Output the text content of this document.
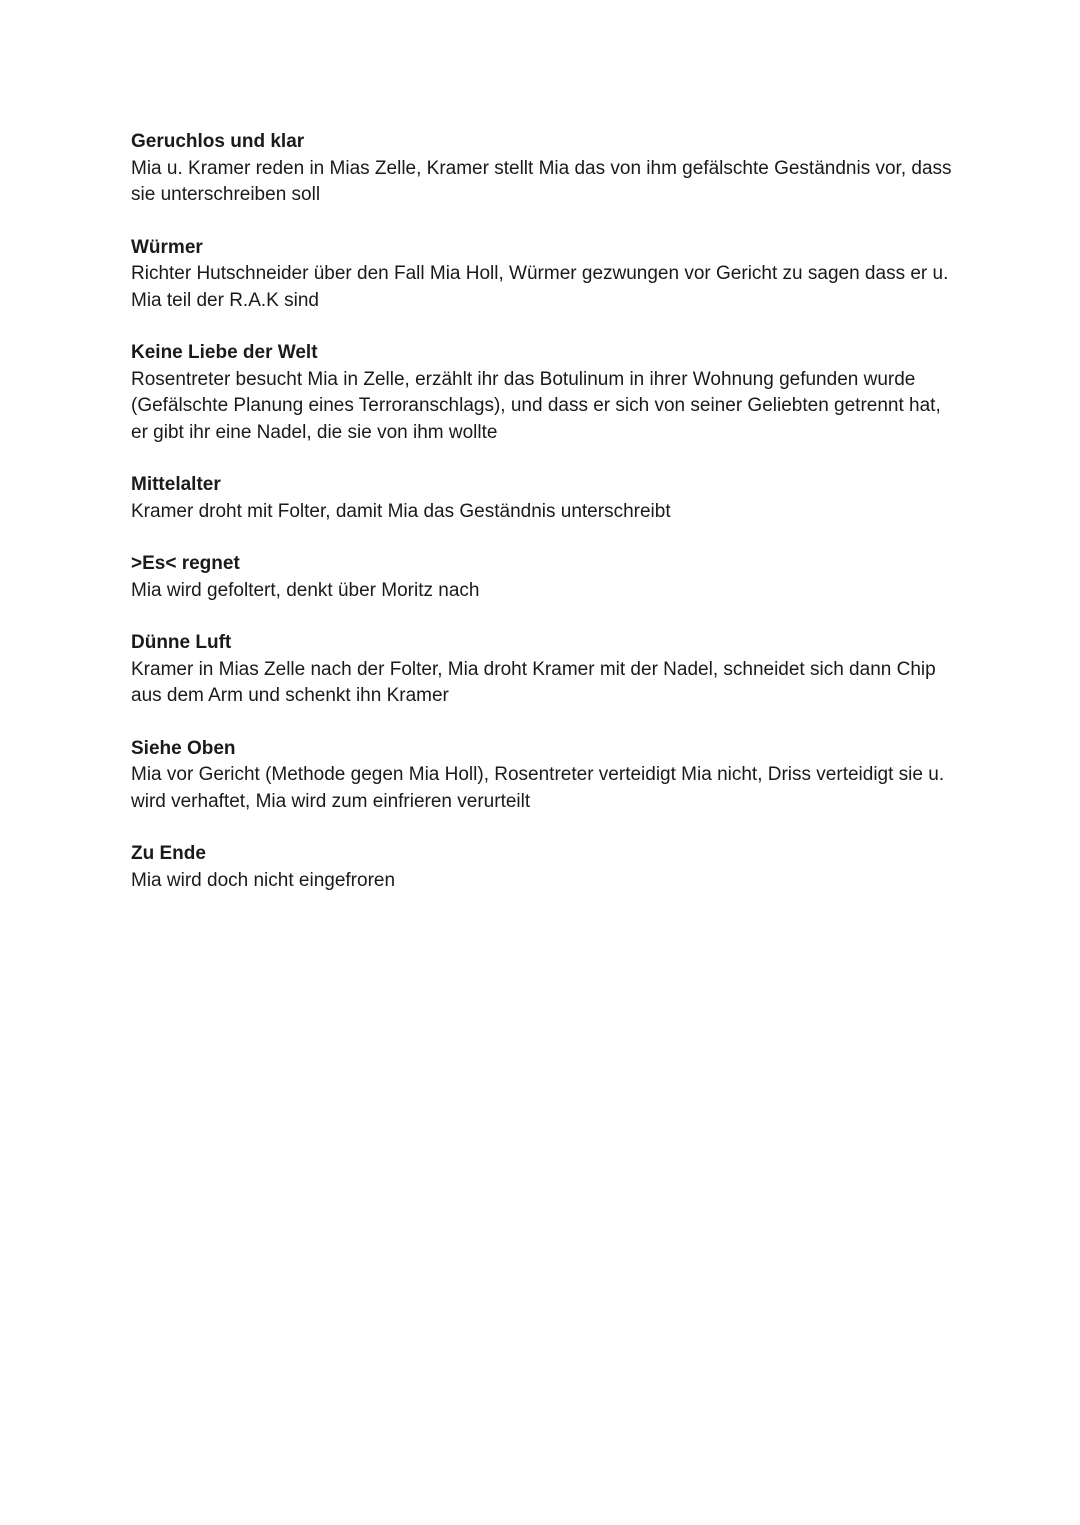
Geruchlos und klar

Mia u. Kramer reden in Mias Zelle, Kramer stellt Mia das von ihm gefälschte Geständnis vor, dass sie unterschreiben soll

Würmer

Richter Hutschneider über den Fall Mia Holl, Würmer gezwungen vor Gericht zu sagen dass er u. Mia teil der R.A.K sind

Keine Liebe der Welt

Rosentreter besucht Mia in Zelle, erzählt ihr das Botulinum in ihrer Wohnung gefunden wurde (Gefälschte Planung eines Terroranschlags), und dass er sich von seiner Geliebten getrennt hat, er gibt ihr eine Nadel, die sie von ihm wollte

Mittelalter

Kramer droht mit Folter, damit Mia das Geständnis unterschreibt

>Es< regnet

Mia wird gefoltert, denkt über Moritz nach

Dünne Luft

Kramer in Mias Zelle nach der Folter, Mia droht Kramer mit der Nadel, schneidet sich dann Chip aus dem Arm und schenkt ihn Kramer

Siehe Oben

Mia vor Gericht (Methode gegen Mia Holl), Rosentreter verteidigt Mia nicht, Driss verteidigt sie u. wird verhaftet, Mia wird zum einfrieren verurteilt

Zu Ende

Mia wird doch nicht eingefroren
